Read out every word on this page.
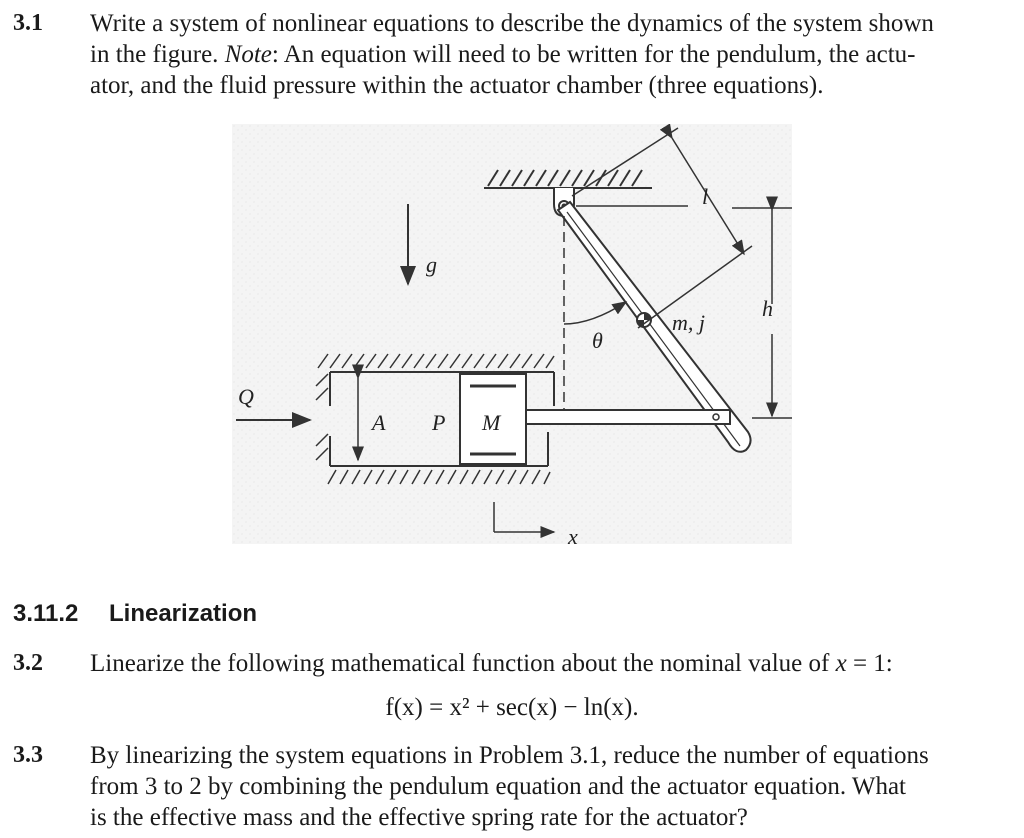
3.1 Write a system of nonlinear equations to describe the dynamics of the system shown
in the figure. Note: An equation will need to be written for the pendulum, the actu-
ator, and the fluid pressure within the actuator chamber (three equations).
g
l
h
m, j
θ
Q
A P M
x
3.11.2 Linearization
3.2 Linearize the following mathematical function about the nominal value of x = 1:
f(x) = x² + sec(x) − ln(x).
3.3 By linearizing the system equations in Problem 3.1, reduce the number of equations
from 3 to 2 by combining the pendulum equation and the actuator equation. What
is the effective mass and the effective spring rate for the actuator?
